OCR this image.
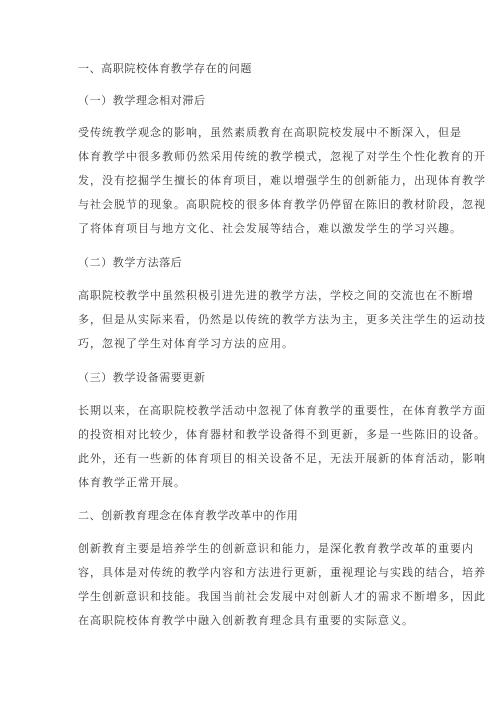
一、高职院校体育教学存在的问题
（一）教学理念相对滞后
受传统教学观念的影响，虽然素质教育在高职院校发展中不断深入，但是
体育教学中很多教师仍然采用传统的教学模式，忽视了对学生个性化教育的开
发，没有挖掘学生擅长的体育项目，难以增强学生的创新能力，出现体育教学
与社会脱节的现象。高职院校的很多体育教学仍停留在陈旧的教材阶段，忽视
了将体育项目与地方文化、社会发展等结合，难以激发学生的学习兴趣。
（二）教学方法落后
高职院校教学中虽然积极引进先进的教学方法，学校之间的交流也在不断增
多，但是从实际来看，仍然是以传统的教学方法为主，更多关注学生的运动技
巧，忽视了学生对体育学习方法的应用。
（三）教学设备需要更新
长期以来，在高职院校教学活动中忽视了体育教学的重要性，在体育教学方面
的投资相对比较少，体育器材和教学设备得不到更新，多是一些陈旧的设备。
此外，还有一些新的体育项目的相关设备不足，无法开展新的体育活动，影响
体育教学正常开展。
二、创新教育理念在体育教学改革中的作用
创新教育主要是培养学生的创新意识和能力，是深化教育教学改革的重要内
容，具体是对传统的教学内容和方法进行更新，重视理论与实践的结合，培养
学生创新意识和技能。我国当前社会发展中对创新人才的需求不断增多，因此
在高职院校体育教学中融入创新教育理念具有重要的实际意义。
